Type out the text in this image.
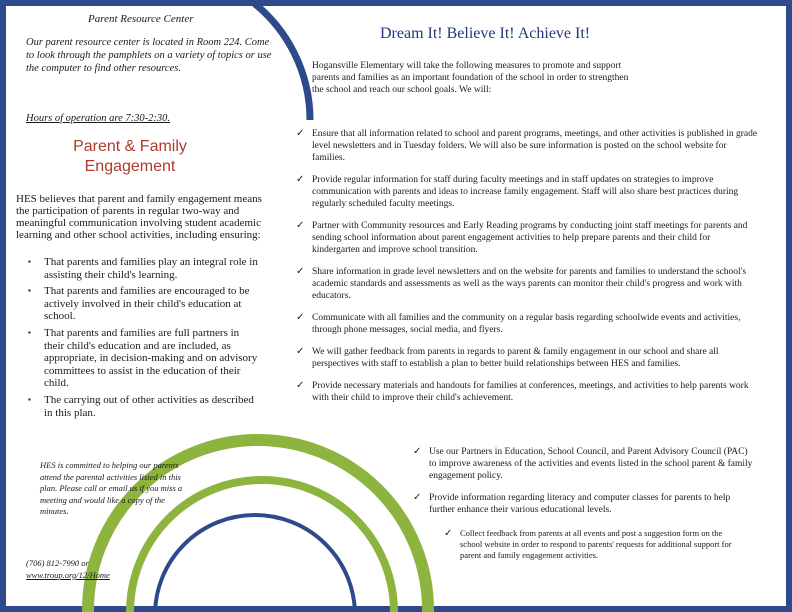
Parent Resource Center
Our parent resource center is located in Room 224. Come to look through the pamphlets on a variety of topics or use the computer to find other resources.
Hours of operation are 7:30-2:30.
Parent & Family
Engagement
HES believes that parent and family engagement means the participation of parents in regular two-way and meaningful communication involving student academic learning and other school activities, including ensuring:
▪ That parents and families play an integral role in assisting their child's learning.
▪ That parents and families are encouraged to be actively involved in their child's education at school.
▪ That parents and families are full partners in their child's education and are included, as appropriate, in decision-making and on advisory committees to assist in the education of their child.
▪ The carrying out of other activities as described in this plan.
HES is committed to helping our parents attend the parental activities listed in this plan. Please call or email us if you miss a meeting and would like a copy of the minutes.
(706) 812-7990 or
www.troup.org/12/Home
Dream It! Believe It! Achieve It!
Hogansville Elementary will take the following measures to promote and support parents and families as an important foundation of the school in order to strengthen the school and reach our school goals. We will:
✓ Ensure that all information related to school and parent programs, meetings, and other activities is published in grade level newsletters and in Tuesday folders. We will also be sure information is posted on the school website for families.
✓ Provide regular information for staff during faculty meetings and in staff updates on strategies to improve communication with parents and ideas to increase family engagement. Staff will also share best practices during regularly scheduled faculty meetings.
✓ Partner with Community resources and Early Reading programs by conducting joint staff meetings for parents and sending school information about parent engagement activities to help prepare parents and their child for kindergarten and improve school transition.
✓ Share information in grade level newsletters and on the website for parents and families to understand the school's academic standards and assessments as well as the ways parents can monitor their child's progress and work with educators.
✓ Communicate with all families and the community on a regular basis regarding schoolwide events and activities, through phone messages, social media, and flyers.
✓ We will gather feedback from parents in regards to parent & family engagement in our school and share all perspectives with staff to establish a plan to better build relationships between HES and families.
✓ Provide necessary materials and handouts for families at conferences, meetings, and activities to help parents work with their child to improve their child's achievement.
✓ Use our Partners in Education, School Council, and Parent Advisory Council (PAC) to improve awareness of the activities and events listed in the school parent & family engagement policy.
✓ Provide information regarding literacy and computer classes for parents to help further enhance their various educational levels.
✓ Collect feedback from parents at all events and post a suggestion form on the school website in order to respond to parents' requests for additional support for parent and family engagement activities.
